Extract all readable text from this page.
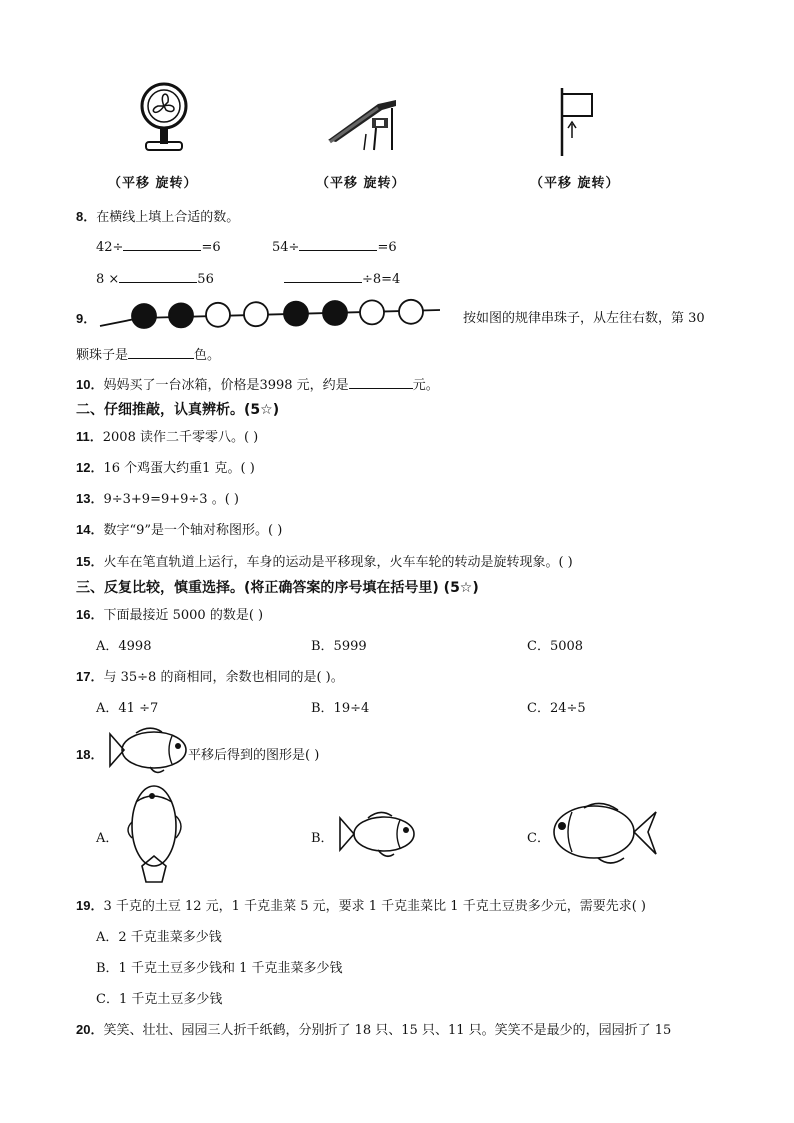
（平移 旋转）	（平移 旋转）	（平移 旋转）
8．在横线上填上合适的数。
42÷	=6	54÷	=6
8 ×	56	÷8=4
9．	按如图的规律串珠子，从左往右数，第 30
颗珠子是	色。
10．妈妈买了一台冰箱，价格是3998 元，约是	元。
二、仔细推敲，认真辨析。(5☆)
11．2008 读作二千零零八。( )
12．16 个鸡蛋大约重1 克。( )
13．9÷3+9=9+9÷3 。( )
14．数字“9”是一个轴对称图形。( )
15．火车在笔直轨道上运行，车身的运动是平移现象，火车车轮的转动是旋转现象。( )
三、反复比较，慎重选择。(将正确答案的序号填在括号里) (5☆)
16．下面最接近 5000 的数是( )
A．4998	B．5999	C．5008
17．与 35÷8 的商相同，余数也相同的是( )。
A．41 ÷7	B．19÷4	C．24÷5
18．	平移后得到的图形是( )
A．	B．	C．
19．3 千克的土豆 12 元，1 千克韭菜 5 元，要求 1 千克韭菜比 1 千克土豆贵多少元，需要先求( )
A．2 千克韭菜多少钱
B．1 千克土豆多少钱和 1 千克韭菜多少钱
C．1 千克土豆多少钱
20．笑笑、壮壮、园园三人折千纸鹤，分别折了 18 只、15 只、11 只。笑笑不是最少的，园园折了 15
